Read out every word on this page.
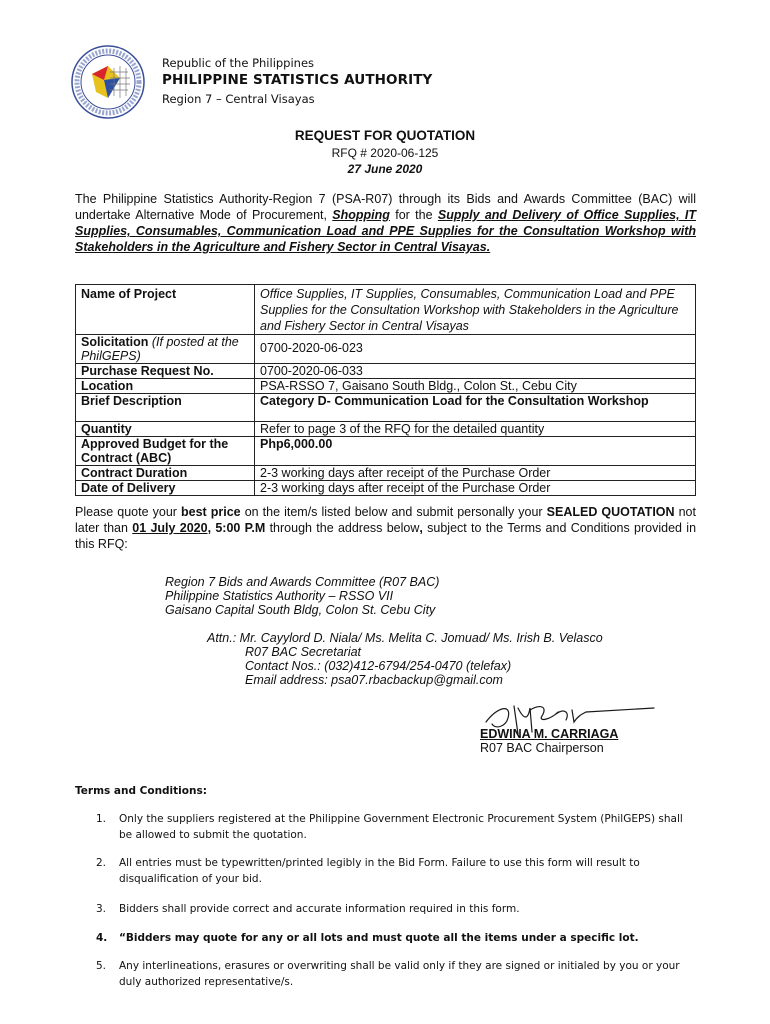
Republic of the Philippines
PHILIPPINE STATISTICS AUTHORITY
Region 7 – Central Visayas
REQUEST FOR QUOTATION
RFQ # 2020-06-125
27 June 2020
The Philippine Statistics Authority-Region 7 (PSA-R07) through its Bids and Awards Committee (BAC) will undertake Alternative Mode of Procurement, Shopping for the Supply and Delivery of Office Supplies, IT Supplies, Consumables, Communication Load and PPE Supplies for the Consultation Workshop with Stakeholders in the Agriculture and Fishery Sector in Central Visayas.
Name of Project	Office Supplies, IT Supplies, Consumables, Communication Load and PPE Supplies for the Consultation Workshop with Stakeholders in the Agriculture and Fishery Sector in Central Visayas
Solicitation (If posted at the PhilGEPS)	0700-2020-06-023
Purchase Request No.	0700-2020-06-033
Location	PSA-RSSO 7, Gaisano South Bldg., Colon St., Cebu City
Brief Description	Category D- Communication Load for the Consultation Workshop
Quantity	Refer to page 3 of the RFQ for the detailed quantity
Approved Budget for the Contract (ABC)	Php6,000.00
Contract Duration	2-3 working days after receipt of the Purchase Order
Date of Delivery	2-3 working days after receipt of the Purchase Order
Please quote your best price on the item/s listed below and submit personally your SEALED QUOTATION not later than 01 July 2020, 5:00 P.M through the address below, subject to the Terms and Conditions provided in this RFQ:
Region 7 Bids and Awards Committee (R07 BAC)
Philippine Statistics Authority – RSSO VII
Gaisano Capital South Bldg, Colon St. Cebu City
Attn.: Mr. Cayylord D. Niala/ Ms. Melita C. Jomuad/ Ms. Irish B. Velasco
R07 BAC Secretariat
Contact Nos.: (032)412-6794/254-0470 (telefax)
Email address: psa07.rbacbackup@gmail.com
EDWINA M. CARRIAGA
R07 BAC Chairperson
Terms and Conditions:
1. Only the suppliers registered at the Philippine Government Electronic Procurement System (PhilGEPS) shall be allowed to submit the quotation.
2. All entries must be typewritten/printed legibly in the Bid Form. Failure to use this form will result to disqualification of your bid.
3. Bidders shall provide correct and accurate information required in this form.
4. “Bidders may quote for any or all lots and must quote all the items under a specific lot.
5. Any interlineations, erasures or overwriting shall be valid only if they are signed or initialed by you or your duly authorized representative/s.
